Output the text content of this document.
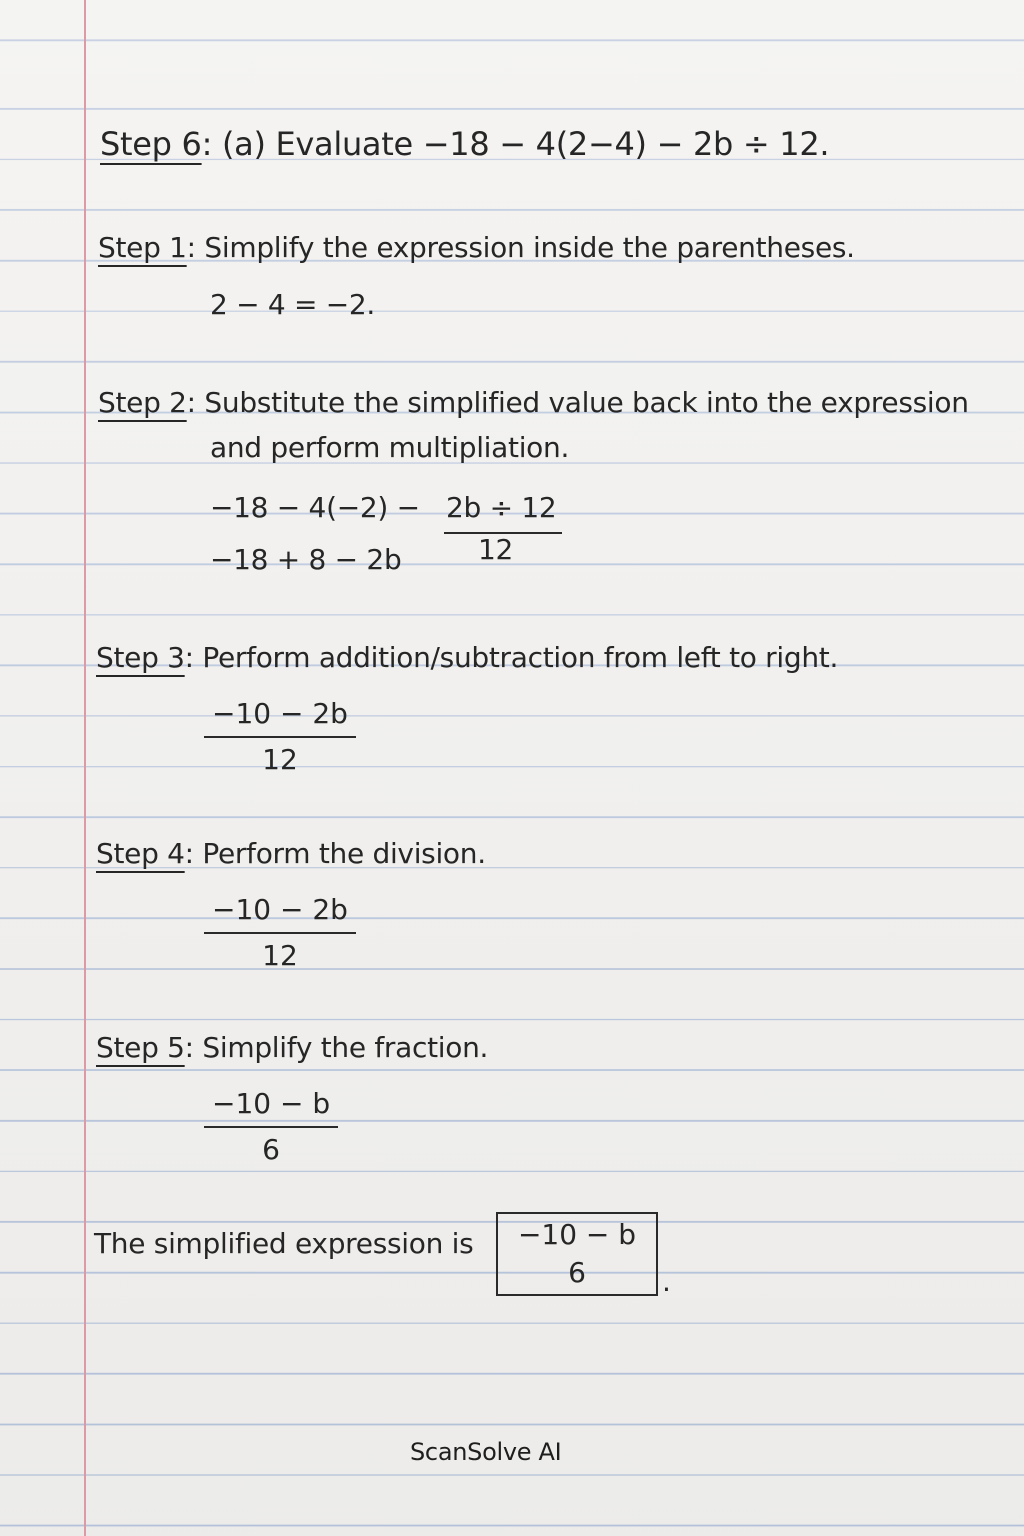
Step 6: (a) Evaluate −18 − 4(2−4) − 2b ÷ 12.
Step 1: Simplify the expression inside the parentheses.
2 − 4 = −2.
Step 2: Substitute the simplified value back into the expression
and perform multipliation.
−18 − 4(−2) − 2b ÷ 12
−18 + 8 − 2b	12
Step 3: Perform addition/subtraction from left to right.
$\frac{-10 - 2b}{12}$
Step 4: Perform the division.
$\frac{-10 - 2b}{12}$
Step 5: Simplify the fraction.
$\frac{-10 - b}{6}$
The simplified expression is −10 − b
6	.
ScanSolve AI
